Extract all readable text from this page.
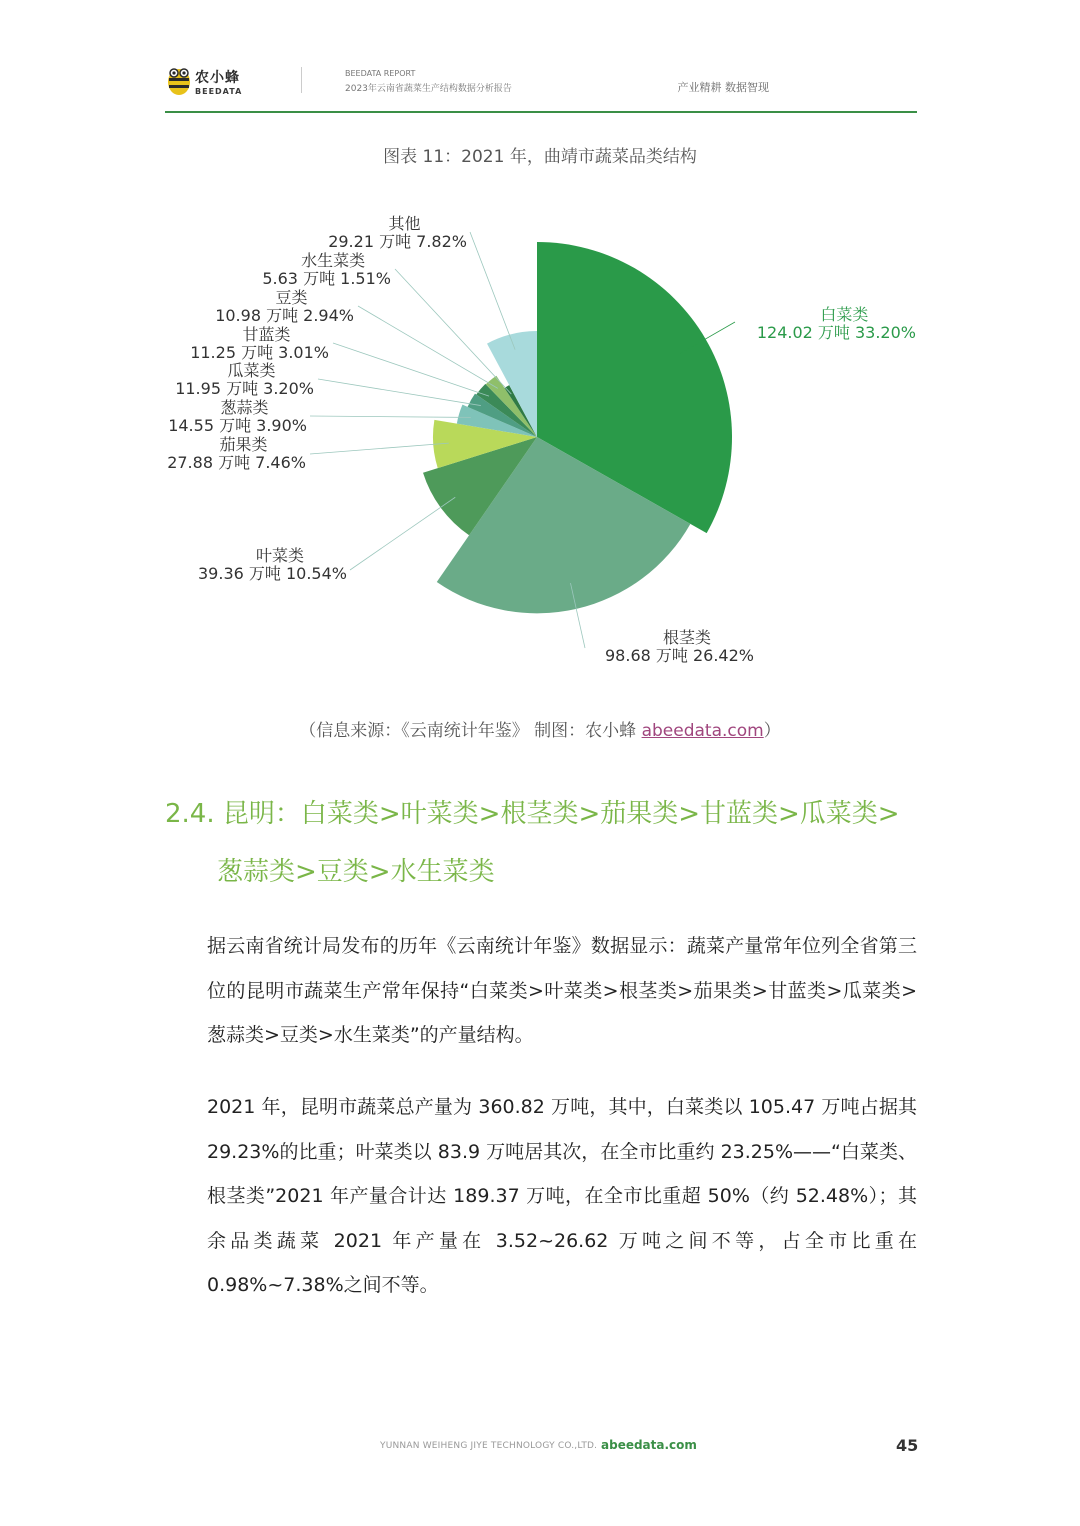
农小蜂
BEEDATA
BEEDATA REPORT
2023年云南省蔬菜生产结构数据分析报告	产业精耕 数据智现
图表 11：2021 年，曲靖市蔬菜品类结构
白菜类
124.02 万吨 33.20%
根茎类
98.68 万吨 26.42%
叶菜类
39.36 万吨 10.54%
茄果类
27.88 万吨 7.46%
葱蒜类
14.55 万吨 3.90%
瓜菜类
11.95 万吨 3.20%
甘蓝类
11.25 万吨 3.01%
豆类
10.98 万吨 2.94%
水生菜类
5.63 万吨 1.51%
其他
29.21 万吨 7.82%
（信息来源：《云南统计年鉴》 制图：农小蜂 abeedata.com）
2.4. 昆明：白菜类>叶菜类>根茎类>茄果类>甘蓝类>瓜菜类>
葱蒜类>豆类>水生菜类
据云南省统计局发布的历年《云南统计年鉴》数据显示：蔬菜产量常年位列全省第三位的昆明市蔬菜生产常年保持“白菜类>叶菜类>根茎类>茄果类>甘蓝类>瓜菜类>葱蒜类>豆类>水生菜类”的产量结构。
2021 年，昆明市蔬菜总产量为 360.82 万吨，其中，白菜类以 105.47 万吨占据其 29.23%的比重；叶菜类以 83.9 万吨居其次，在全市比重约 23.25%——“白菜类、根茎类”2021 年产量合计达 189.37 万吨，在全市比重超 50%（约 52.48%）；其余品类蔬菜 2021 年产量在 3.52~26.62 万吨之间不等，占全市比重在 0.98%~7.38%之间不等。
YUNNAN WEIHENG JIYE TECHNOLOGY CO.,LTD. abeedata.com	45
